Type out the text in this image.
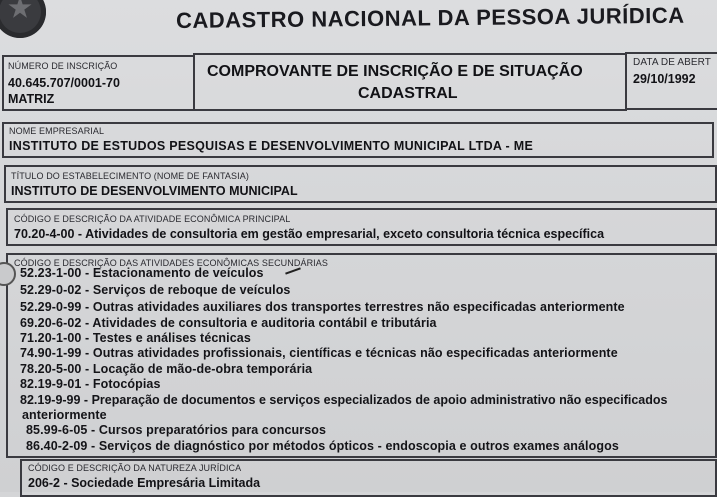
CADASTRO NACIONAL DA PESSOA JURÍDICA
NÚMERO DE INSCRIÇÃO
40.645.707/0001-70
MATRIZ
COMPROVANTE DE INSCRIÇÃO E DE SITUAÇÃO
CADASTRAL
DATA DE ABERT
29/10/1992
NOME EMPRESARIAL
INSTITUTO DE ESTUDOS PESQUISAS E DESENVOLVIMENTO MUNICIPAL LTDA - ME
TÍTULO DO ESTABELECIMENTO (NOME DE FANTASIA)
INSTITUTO DE DESENVOLVIMENTO MUNICIPAL
CÓDIGO E DESCRIÇÃO DA ATIVIDADE ECONÔMICA PRINCIPAL
70.20-4-00 - Atividades de consultoria em gestão empresarial, exceto consultoria técnica específica
CÓDIGO E DESCRIÇÃO DAS ATIVIDADES ECONÔMICAS SECUNDÁRIAS
52.23-1-00 - Estacionamento de veículos
52.29-0-02 - Serviços de reboque de veículos
52.29-0-99 - Outras atividades auxiliares dos transportes terrestres não especificadas anteriormente
69.20-6-02 - Atividades de consultoria e auditoria contábil e tributária
71.20-1-00 - Testes e análises técnicas
74.90-1-99 - Outras atividades profissionais, científicas e técnicas não especificadas anteriormente
78.20-5-00 - Locação de mão-de-obra temporária
82.19-9-01 - Fotocópias
82.19-9-99 - Preparação de documentos e serviços especializados de apoio administrativo não especificados
anteriormente
85.99-6-05 - Cursos preparatórios para concursos
86.40-2-09 - Serviços de diagnóstico por métodos ópticos - endoscopia e outros exames análogos
CÓDIGO E DESCRIÇÃO DA NATUREZA JURÍDICA
206-2 - Sociedade Empresária Limitada
